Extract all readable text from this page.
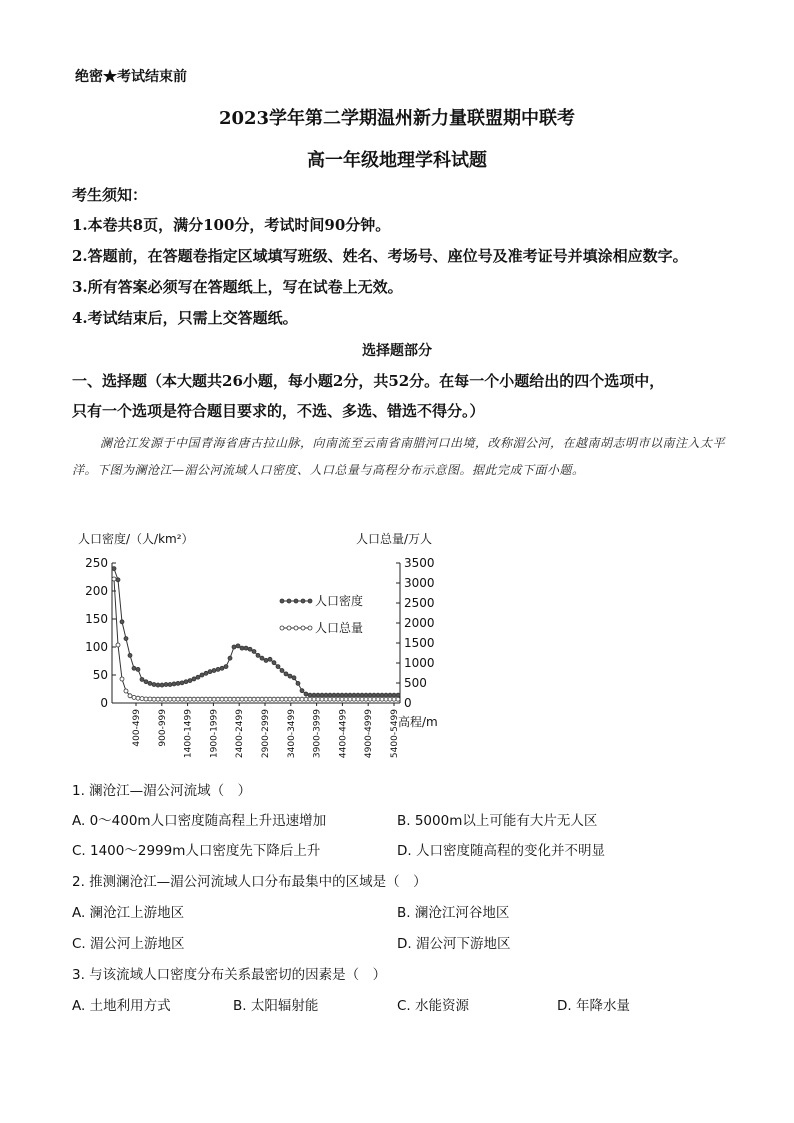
绝密★考试结束前
2023学年第二学期温州新力量联盟期中联考
高一年级地理学科试题
考生须知：
1.本卷共8页，满分100分，考试时间90分钟。
2.答题前，在答题卷指定区域填写班级、姓名、考场号、座位号及准考证号并填涂相应数字。
3.所有答案必须写在答题纸上，写在试卷上无效。
4.考试结束后，只需上交答题纸。
选择题部分
一、选择题（本大题共26小题，每小题2分，共52分。在每一个小题给出的四个选项中，
只有一个选项是符合题目要求的，不选、多选、错选不得分。）
澜沧江发源于中国青海省唐古拉山脉，向南流至云南省南腊河口出境，改称湄公河，在越南胡志明市以南注入太平洋。下图为澜沧江—湄公河流域人口密度、人口总量与高程分布示意图。据此完成下面小题。
人口密度/（人/km²）	人口总量/万人
0
50
100
150
200
250
0
500
1000
1500
2000
2500
3000
3500
400-499 900-999 1400-1499 1900-1999 2400-2499 2900-2999 3400-3499 3900-3999 4400-4499 4900-4999 5400-5499
人口密度
人口总量
高程/m
1. 澜沧江—湄公河流域（　）
A. 0～400m人口密度随高程上升迅速增加	B. 5000m以上可能有大片无人区
C. 1400～2999m人口密度先下降后上升	D. 人口密度随高程的变化并不明显
2. 推测澜沧江—湄公河流域人口分布最集中的区域是（　）
A. 澜沧江上游地区	B. 澜沧江河谷地区
C. 湄公河上游地区	D. 湄公河下游地区
3. 与该流域人口密度分布关系最密切的因素是（　）
A. 土地利用方式	B. 太阳辐射能	C. 水能资源	D. 年降水量
